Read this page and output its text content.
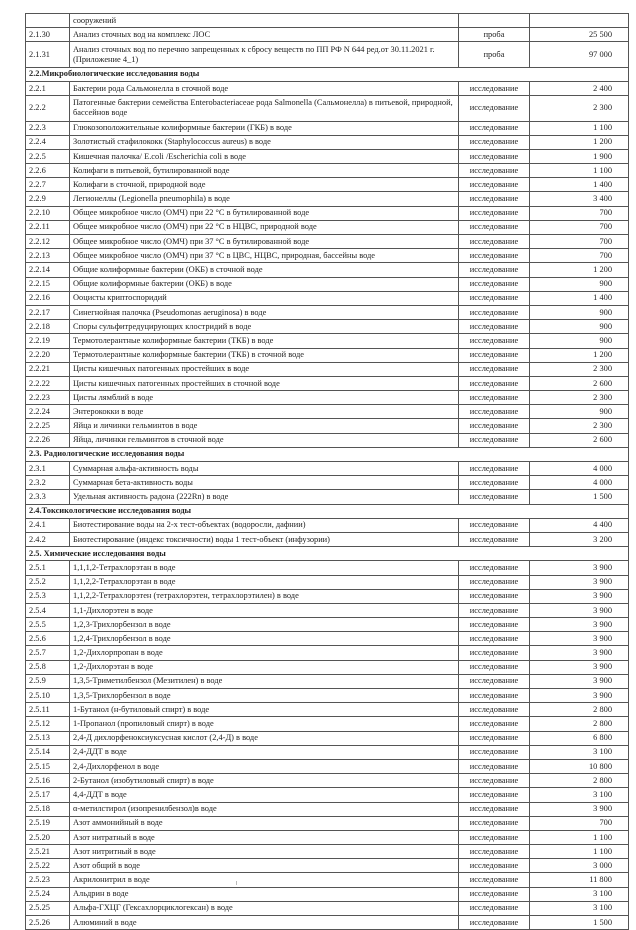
	сооружений		
2.1.30	Анализ сточных вод на комплекс ЛОС	проба	25 500
2.1.31	Анализ сточных вод по перечню запрещенных к сбросу веществ по ПП РФ N 644 ред.от 30.11.2021 г. (Приложение 4_1)	проба	97 000
2.2.Микробиологические исследования воды			
2.2.1	Бактерии рода Сальмонелла в сточной воде	исследование	2 400
2.2.2	Патогенные бактерии семейства Enterobacteriaceae рода Salmonella (Сальмонелла) в питьевой, природной, бассейнов воде	исследование	2 300
2.2.3	Глюкозоположительные колиформные бактерии (ГКБ) в воде	исследование	1 100
2.2.4	Золотистый стафилококк (Staphylococcus aureus) в воде	исследование	1 200
2.2.5	Кишечная палочка/ E.coli /Escherichia coli в воде	исследование	1 900
2.2.6	Колифаги в питьевой, бутилированной воде	исследование	1 100
2.2.7	Колифаги в сточной, природной воде	исследование	1 400
2.2.9	Легионеллы (Legionella pneumophila) в воде	исследование	3 400
2.2.10	Общее микробное число (ОМЧ) при 22 °С в бутилированной воде	исследование	700
2.2.11	Общее микробное число (ОМЧ) при 22 °С в НЦВС, природной воде	исследование	700
2.2.12	Общее микробное число (ОМЧ) при 37 °С в бутилированной воде	исследование	700
2.2.13	Общее микробное число (ОМЧ) при 37 °С в ЦВС, НЦВС, природная, бассейны воде	исследование	700
2.2.14	Общие колиформные бактерии (ОКБ) в сточной воде	исследование	1 200
2.2.15	Общие колиформные бактерии (ОКБ) в воде	исследование	900
2.2.16	Ооцисты криптоспоридий	исследование	1 400
2.2.17	Синегнойная палочка (Pseudomonas aeruginosa) в воде	исследование	900
2.2.18	Споры сульфитредуцирующих клостридий в воде	исследование	900
2.2.19	Термотолерантные колиформные бактерии (ТКБ) в воде	исследование	900
2.2.20	Термотолерантные колиформные бактерии (ТКБ) в сточной воде	исследование	1 200
2.2.21	Цисты кишечных патогенных простейших в воде	исследование	2 300
2.2.22	Цисты кишечных патогенных простейших в сточной воде	исследование	2 600
2.2.23	Цисты лямблий в воде	исследование	2 300
2.2.24	Энтерококки в воде	исследование	900
2.2.25	Яйца и личинки гельминтов в воде	исследование	2 300
2.2.26	Яйца, личинки гельминтов в сточной воде	исследование	2 600
2.3. Радиологические исследования воды			
2.3.1	Суммарная альфа-активность воды	исследование	4 000
2.3.2	Суммарная бета-активность воды	исследование	4 000
2.3.3	Удельная активность радона (222Rn) в воде	исследование	1 500
2.4.Токсикологические исследования воды			
2.4.1	Биотестирование воды на 2-х тест-объектах (водоросли, дафнии)	исследование	4 400
2.4.2	Биотестирование (индекс токсичности) воды 1 тест-объект (инфузории)	исследование	3 200
2.5. Химические исследования воды			
2.5.1	1,1,1,2-Тетрахлорэтан в воде	исследование	3 900
2.5.2	1,1,2,2-Тетрахлорэтан в воде	исследование	3 900
2.5.3	1,1,2,2-Тетрахлорэтен (тетрахлорэтен, тетрахлорэтилен) в воде	исследование	3 900
2.5.4	1,1-Дихлорэтен в воде	исследование	3 900
2.5.5	1,2,3-Трихлорбензол в воде	исследование	3 900
2.5.6	1,2,4-Трихлорбензол в воде	исследование	3 900
2.5.7	1,2-Дихлорпропан в воде	исследование	3 900
2.5.8	1,2-Дихлорэтан в воде	исследование	3 900
2.5.9	1,3,5-Триметилбензол (Мезитилен) в воде	исследование	3 900
2.5.10	1,3,5-Трихлорбензол в воде	исследование	3 900
2.5.11	1-Бутанол (н-бутиловый спирт) в воде	исследование	2 800
2.5.12	1-Пропанол (пропиловый спирт) в воде	исследование	2 800
2.5.13	2,4-Д дихлорфеноксиуксусная кислот (2,4-Д) в воде	исследование	6 800
2.5.14	2,4-ДДТ в воде	исследование	3 100
2.5.15	2,4-Дихлорфенол в воде	исследование	10 800
2.5.16	2-Бутанол (изобутиловый спирт) в воде	исследование	2 800
2.5.17	4,4-ДДТ в воде	исследование	3 100
2.5.18	α-метилстирол (изопренилбензол)в воде	исследование	3 900
2.5.19	Азот аммонийный в воде	исследование	700
2.5.20	Азот нитратный в воде	исследование	1 100
2.5.21	Азот нитритный в воде	исследование	1 100
2.5.22	Азот общий в воде	исследование	3 000
2.5.23	Акрилонитрил в воде	исследование	11 800
2.5.24	Альдрин в воде	исследование	3 100
2.5.25	Альфа-ГХЦГ (Гексахлорциклогексан) в воде	исследование	3 100
2.5.26	Алюминий в воде	исследование	1 500
